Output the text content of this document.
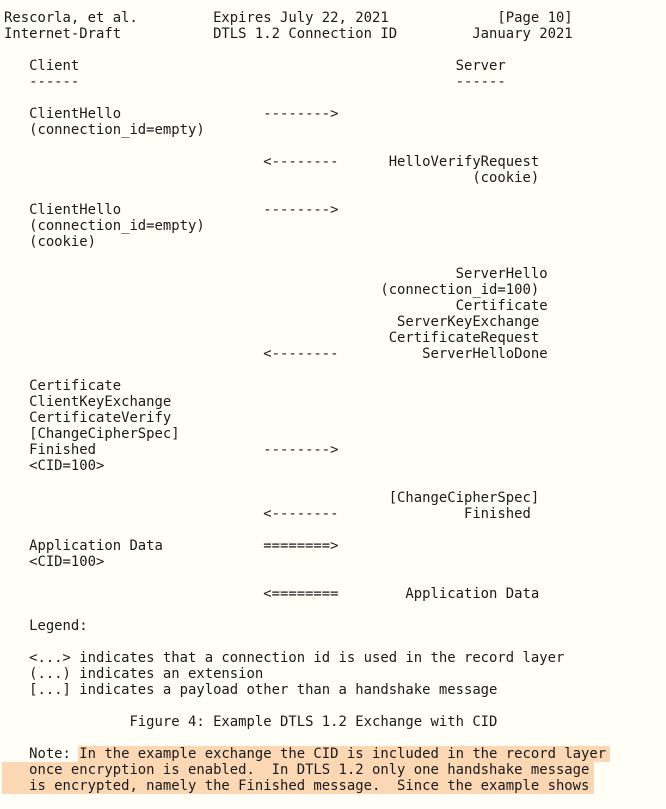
Rescorla, et al.         Expires July 22, 2021             [Page 10]
Internet-Draft           DTLS 1.2 Connection ID         January 2021
Client                                             Server
------                                             ------
ClientHello                 -------->
(connection_id=empty)
<--------      HelloVerifyRequest
(cookie)
ClientHello                 -------->
(connection_id=empty)
(cookie)
ServerHello
(connection_id=100)
Certificate
ServerKeyExchange
CertificateRequest
<--------          ServerHelloDone
Certificate
ClientKeyExchange
CertificateVerify
[ChangeCipherSpec]
Finished                    -------->
<CID=100>
[ChangeCipherSpec]
<--------               Finished
Application Data            ========>
<CID=100>
<========        Application Data
Legend:
<...> indicates that a connection id is used in the record layer
(...) indicates an extension
[...] indicates a payload other than a handshake message
Figure 4: Example DTLS 1.2 Exchange with CID
Note: In the example exchange the CID is included in the record layer
once encryption is enabled.  In DTLS 1.2 only one handshake message
is encrypted, namely the Finished message.  Since the example shows
